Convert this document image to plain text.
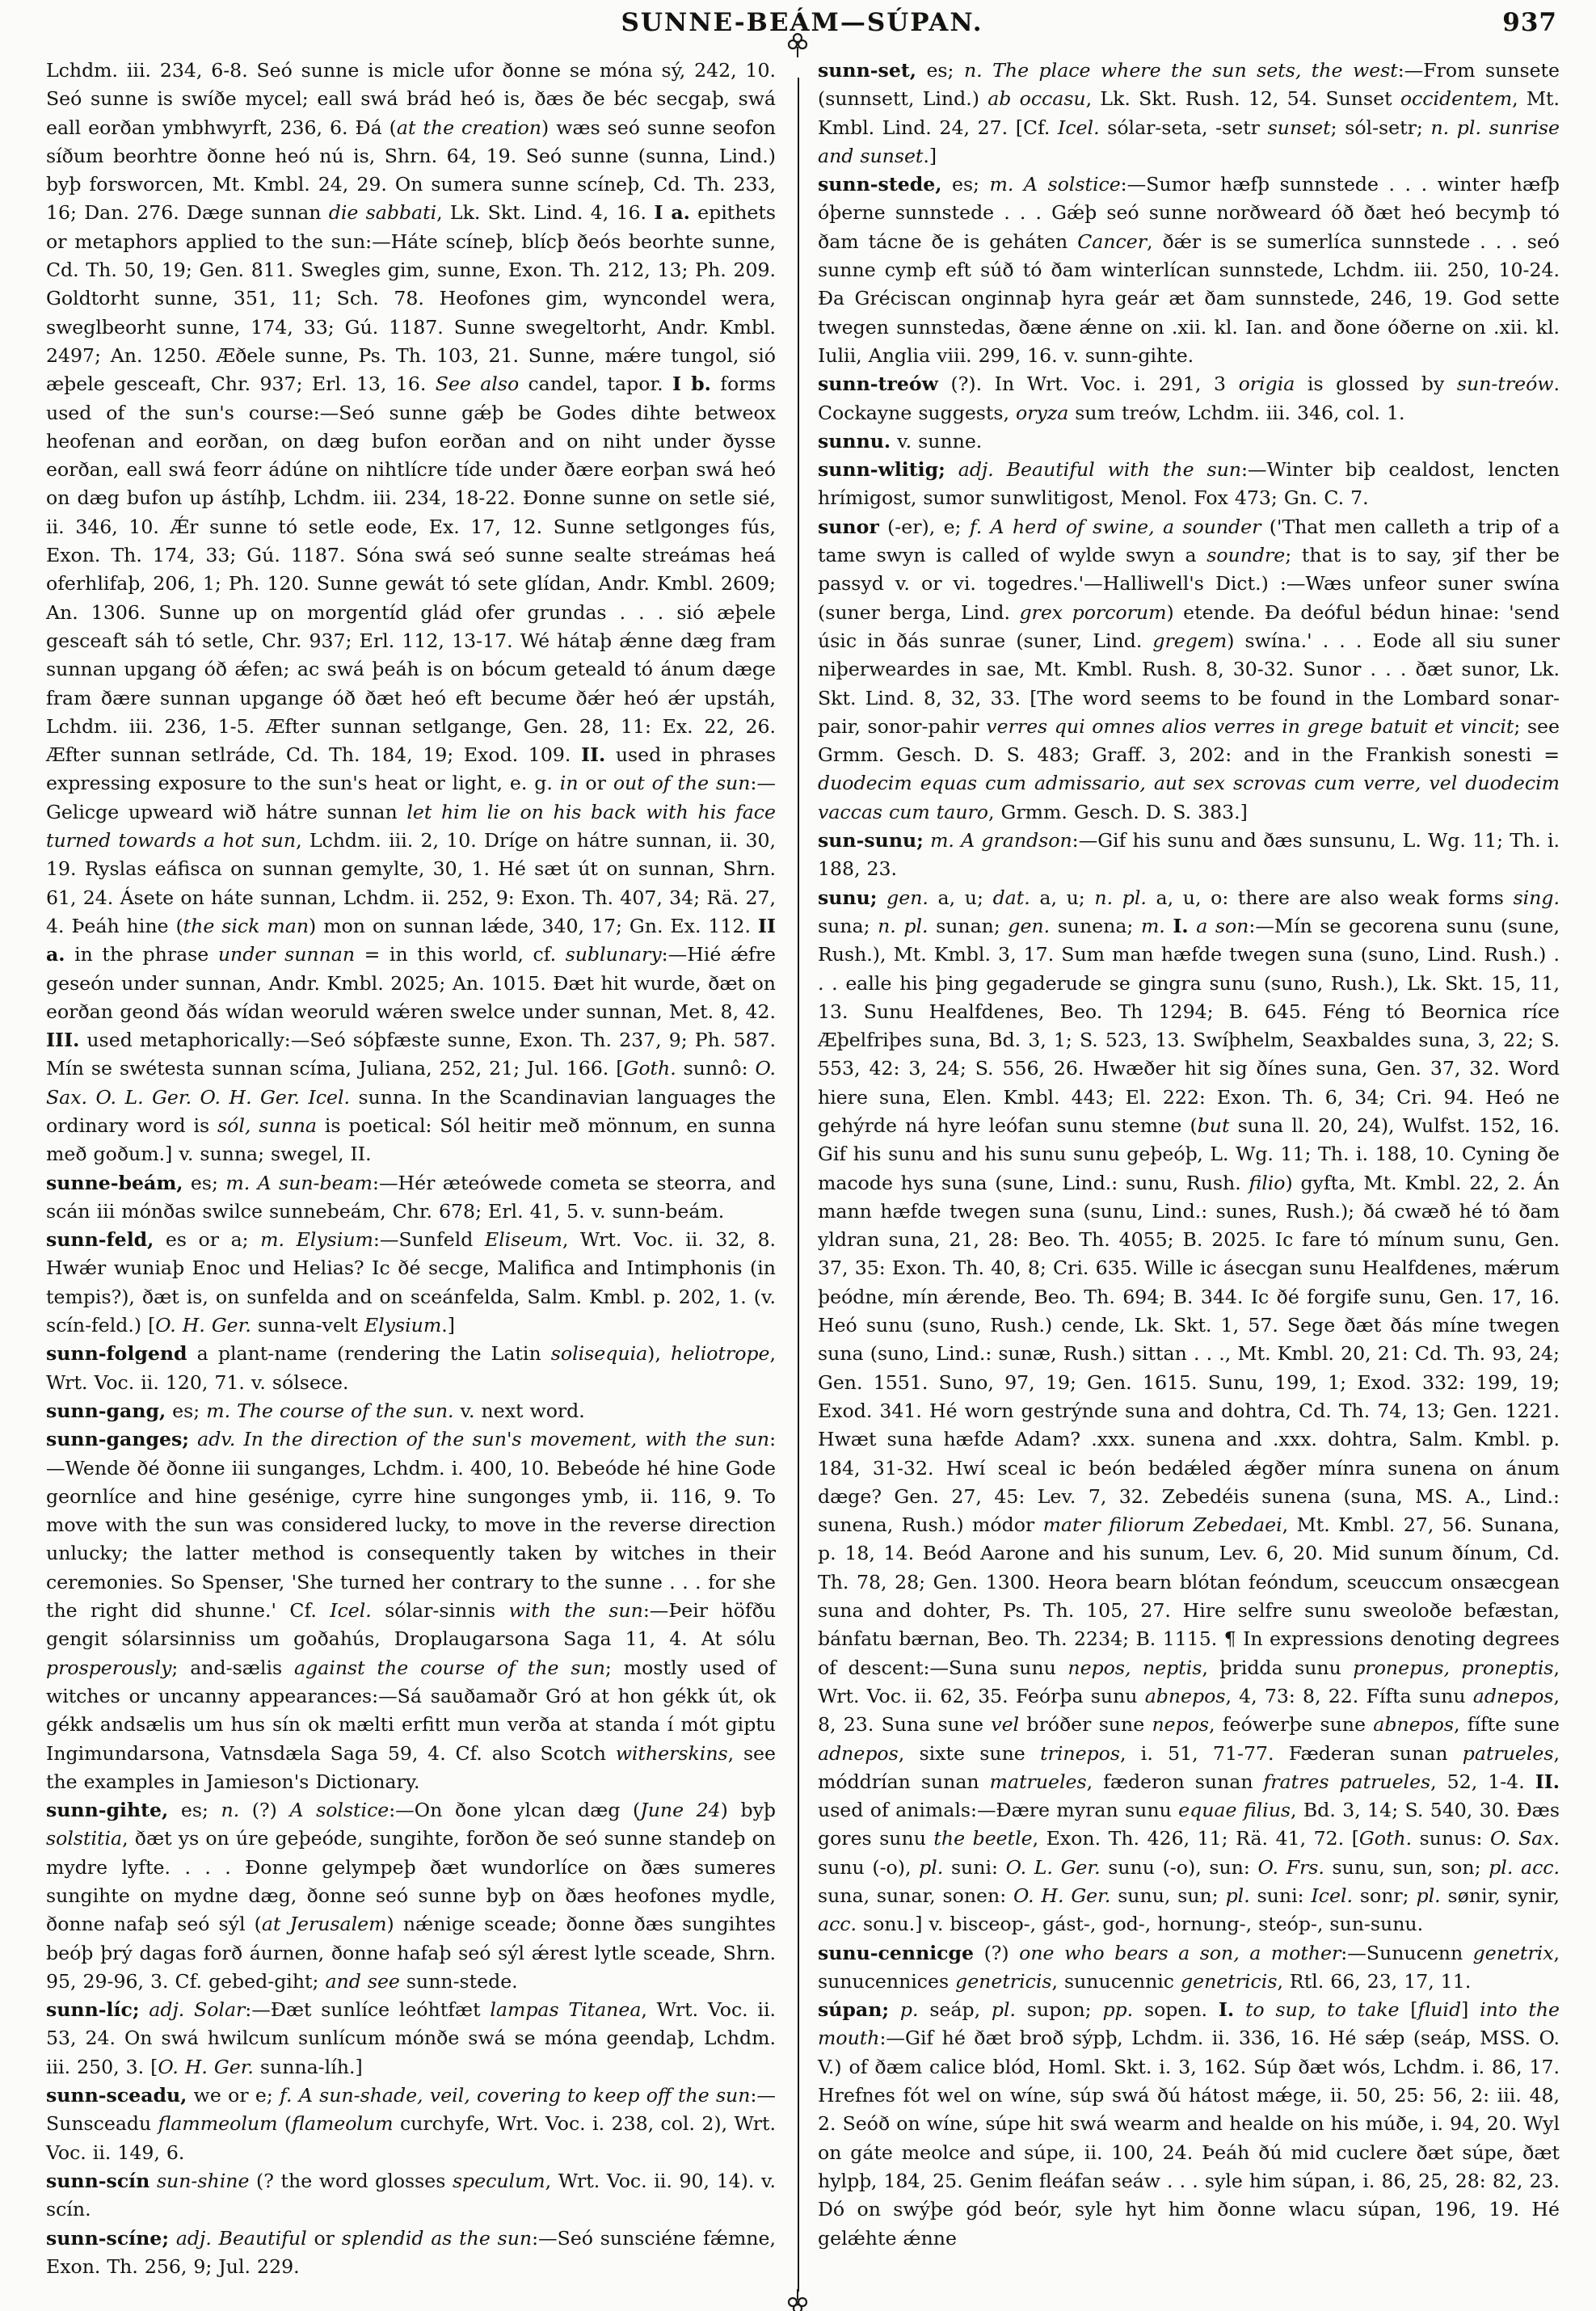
SUNNE-BEÁM—SÚPAN.	937

Lchdm. iii. 234, 6-8. Seó sunne is micle ufor ðonne se móna sý, 242, 10. Seó sunne is swíðe mycel; eall swá brád heó is, ðæs ðe béc secgaþ, swá eall eorðan ymbhwyrft, 236, 6. Ðá (at the creation) wæs seó sunne seofon síðum beorhtre ðonne heó nú is, Shrn. 64, 19. Seó sunne (sunna, Lind.) byþ forsworcen, Mt. Kmbl. 24, 29. On sumera sunne scíneþ, Cd. Th. 233, 16; Dan. 276. Dæge sunnan die sabbati, Lk. Skt. Lind. 4, 16. I a. epithets or metaphors applied to the sun:—Háte scíneþ, blícþ ðeós beorhte sunne, Cd. Th. 50, 19; Gen. 811. Swegles gim, sunne, Exon. Th. 212, 13; Ph. 209. Goldtorht sunne, 351, 11; Sch. 78. Heofones gim, wyncondel wera, sweglbeorht sunne, 174, 33; Gú. 1187. Sunne swegeltorht, Andr. Kmbl. 2497; An. 1250. Æðele sunne, Ps. Th. 103, 21. Sunne, mǽre tungol, sió æþele gesceaft, Chr. 937; Erl. 13, 16. See also candel, tapor. I b. forms used of the sun's course:—Seó sunne gǽþ be Godes dihte betweox heofenan and eorðan, on dæg bufon eorðan and on niht under ðysse eorðan, eall swá feorr ádúne on nihtlícre tíde under ðære eorþan swá heó on dæg bufon up ástíhþ, Lchdm. iii. 234, 18-22. Ðonne sunne on setle sié, ii. 346, 10. Ǽr sunne tó setle eode, Ex. 17, 12. Sunne setlgonges fús, Exon. Th. 174, 33; Gú. 1187. Sóna swá seó sunne sealte streámas heá oferhlifaþ, 206, 1; Ph. 120. Sunne gewát tó sete glídan, Andr. Kmbl. 2609; An. 1306. Sunne up on morgentíd glád ofer grundas . . . sió æþele gesceaft sáh tó setle, Chr. 937; Erl. 112, 13-17. Wé hátaþ ǽnne dæg fram sunnan upgang óð ǽfen; ac swá þeáh is on bócum geteald tó ánum dæge fram ðære sunnan upgange óð ðæt heó eft becume ðǽr heó ǽr upstáh, Lchdm. iii. 236, 1-5. Æfter sunnan setlgange, Gen. 28, 11: Ex. 22, 26. Æfter sunnan setlráde, Cd. Th. 184, 19; Exod. 109. II. used in phrases expressing exposure to the sun's heat or light, e. g. in or out of the sun:—Gelicge upweard wið hátre sunnan let him lie on his back with his face turned towards a hot sun, Lchdm. iii. 2, 10. Dríge on hátre sunnan, ii. 30, 19. Ryslas eáfisca on sunnan gemylte, 30, 1. Hé sæt út on sunnan, Shrn. 61, 24. Ásete on háte sunnan, Lchdm. ii. 252, 9: Exon. Th. 407, 34; Rä. 27, 4. Þeáh hine (the sick man) mon on sunnan lǽde, 340, 17; Gn. Ex. 112. II a. in the phrase under sunnan = in this world, cf. sublunary:—Hié ǽfre geseón under sunnan, Andr. Kmbl. 2025; An. 1015. Ðæt hit wurde, ðæt on eorðan geond ðás wídan weoruld wǽren swelce under sunnan, Met. 8, 42. III. used metaphorically:—Seó sóþfæste sunne, Exon. Th. 237, 9; Ph. 587. Mín se swétesta sunnan scíma, Juliana, 252, 21; Jul. 166. [Goth. sunnô: O. Sax. O. L. Ger. O. H. Ger. Icel. sunna. In the Scandinavian languages the ordinary word is sól, sunna is poetical: Sól heitir með mönnum, en sunna með goðum.] v. sunna; swegel, II.

sunne-beám, es; m. A sun-beam:—Hér æteówede cometa se steorra, and scán iii mónðas swilce sunnebeám, Chr. 678; Erl. 41, 5. v. sunn-beám.

sunn-feld, es or a; m. Elysium:—Sunfeld Eliseum, Wrt. Voc. ii. 32, 8. Hwǽr wuniaþ Enoc und Helias? Ic ðé secge, Malifica and Intimphonis (in tempis?), ðæt is, on sunfelda and on sceánfelda, Salm. Kmbl. p. 202, 1. (v. scín-feld.) [O. H. Ger. sunna-velt Elysium.]

sunn-folgend a plant-name (rendering the Latin solisequia), heliotrope, Wrt. Voc. ii. 120, 71. v. sólsece.

sunn-gang, es; m. The course of the sun. v. next word.

sunn-ganges; adv. In the direction of the sun's movement, with the sun:—Wende ðé ðonne iii sunganges, Lchdm. i. 400, 10. Bebeóde hé hine Gode geornlíce and hine gesénige, cyrre hine sungonges ymb, ii. 116, 9. To move with the sun was considered lucky, to move in the reverse direction unlucky; the latter method is consequently taken by witches in their ceremonies. So Spenser, 'She turned her contrary to the sunne . . . for she the right did shunne.' Cf. Icel. sólar-sinnis with the sun:—Þeir höfðu gengit sólarsinniss um goðahús, Droplaugarsona Saga 11, 4. At sólu prosperously; and-sælis against the course of the sun; mostly used of witches or uncanny appearances:—Sá sauðamaðr Gró at hon gékk út, ok gékk andsælis um hus sín ok mælti erfitt mun verða at standa í mót giptu Ingimundarsona, Vatnsdæla Saga 59, 4. Cf. also Scotch witherskins, see the examples in Jamieson's Dictionary.

sunn-gihte, es; n. (?) A solstice:—On ðone ylcan dæg (June 24) byþ solstitia, ðæt ys on úre geþeóde, sungihte, forðon ðe seó sunne standeþ on mydre lyfte. . . . Ðonne gelympeþ ðæt wundorlíce on ðæs sumeres sungihte on mydne dæg, ðonne seó sunne byþ on ðæs heofones mydle, ðonne nafaþ seó sýl (at Jerusalem) nǽnige sceade; ðonne ðæs sungihtes beóþ þrý dagas forð áurnen, ðonne hafaþ seó sýl ǽrest lytle sceade, Shrn. 95, 29-96, 3. Cf. gebed-giht; and see sunn-stede.

sunn-líc; adj. Solar:—Ðæt sunlíce leóhtfæt lampas Titanea, Wrt. Voc. ii. 53, 24. On swá hwilcum sunlícum mónðe swá se móna geendaþ, Lchdm. iii. 250, 3. [O. H. Ger. sunna-líh.]

sunn-sceadu, we or e; f. A sun-shade, veil, covering to keep off the sun:—Sunsceadu flammeolum (flameolum curchyfe, Wrt. Voc. i. 238, col. 2), Wrt. Voc. ii. 149, 6.

sunn-scín sun-shine (? the word glosses speculum, Wrt. Voc. ii. 90, 14). v. scín.

sunn-scíne; adj. Beautiful or splendid as the sun:—Seó sunsciéne fǽmne, Exon. Th. 256, 9; Jul. 229.

sunn-set, es; n. The place where the sun sets, the west:—From sunsete (sunnsett, Lind.) ab occasu, Lk. Skt. Rush. 12, 54. Sunset occidentem, Mt. Kmbl. Lind. 24, 27. [Cf. Icel. sólar-seta, -setr sunset; sól-setr; n. pl. sunrise and sunset.]

sunn-stede, es; m. A solstice:—Sumor hæfþ sunnstede . . . winter hæfþ óþerne sunnstede . . . Gǽþ seó sunne norðweard óð ðæt heó becymþ tó ðam tácne ðe is geháten Cancer, ðǽr is se sumerlíca sunnstede . . . seó sunne cymþ eft súð tó ðam winterlícan sunnstede, Lchdm. iii. 250, 10-24. Ða Gréciscan onginnaþ hyra geár æt ðam sunnstede, 246, 19. God sette twegen sunnstedas, ðæne ǽnne on .xii. kl. Ian. and ðone óðerne on .xii. kl. Iulii, Anglia viii. 299, 16. v. sunn-gihte.

sunn-treów (?). In Wrt. Voc. i. 291, 3 origia is glossed by sun-treów. Cockayne suggests, oryza sum treów, Lchdm. iii. 346, col. 1.

sunnu. v. sunne.

sunn-wlitig; adj. Beautiful with the sun:—Winter biþ cealdost, lencten hrímigost, sumor sunwlitigost, Menol. Fox 473; Gn. C. 7.

sunor (-er), e; f. A herd of swine, a sounder ('That men calleth a trip of a tame swyn is called of wylde swyn a soundre; that is to say, ȝif ther be passyd v. or vi. togedres.'—Halliwell's Dict.) :—Wæs unfeor suner swína (suner berga, Lind. grex porcorum) etende. Ða deóful bédun hinae: 'send úsic in ðás sunrae (suner, Lind. gregem) swína.' . . . Eode all siu suner niþerweardes in sae, Mt. Kmbl. Rush. 8, 30-32. Sunor . . . ðæt sunor, Lk. Skt. Lind. 8, 32, 33. [The word seems to be found in the Lombard sonar-pair, sonor-pahir verres qui omnes alios verres in grege batuit et vincit; see Grmm. Gesch. D. S. 483; Graff. 3, 202: and in the Frankish sonesti = duodecim equas cum admissario, aut sex scrovas cum verre, vel duodecim vaccas cum tauro, Grmm. Gesch. D. S. 383.]

sun-sunu; m. A grandson:—Gif his sunu and ðæs sunsunu, L. Wg. 11; Th. i. 188, 23.

sunu; gen. a, u; dat. a, u; n. pl. a, u, o: there are also weak forms sing. suna; n. pl. sunan; gen. sunena; m. I. a son:—Mín se gecorena sunu (sune, Rush.), Mt. Kmbl. 3, 17. Sum man hæfde twegen suna (suno, Lind. Rush.) . . . ealle his þing gegaderude se gingra sunu (suno, Rush.), Lk. Skt. 15, 11, 13. Sunu Healfdenes, Beo. Th 1294; B. 645. Féng tó Beornica ríce Æþelfriþes suna, Bd. 3, 1; S. 523, 13. Swíþhelm, Seaxbaldes suna, 3, 22; S. 553, 42: 3, 24; S. 556, 26. Hwæðer hit sig ðínes suna, Gen. 37, 32. Word hiere suna, Elen. Kmbl. 443; El. 222: Exon. Th. 6, 34; Cri. 94. Heó ne gehýrde ná hyre leófan sunu stemne (but suna ll. 20, 24), Wulfst. 152, 16. Gif his sunu and his sunu sunu geþeóþ, L. Wg. 11; Th. i. 188, 10. Cyning ðe macode hys suna (sune, Lind.: sunu, Rush. filio) gyfta, Mt. Kmbl. 22, 2. Án mann hæfde twegen suna (sunu, Lind.: sunes, Rush.); ðá cwæð hé tó ðam yldran suna, 21, 28: Beo. Th. 4055; B. 2025. Ic fare tó mínum sunu, Gen. 37, 35: Exon. Th. 40, 8; Cri. 635. Wille ic ásecgan sunu Healfdenes, mǽrum þeódne, mín ǽrende, Beo. Th. 694; B. 344. Ic ðé forgife sunu, Gen. 17, 16. Heó sunu (suno, Rush.) cende, Lk. Skt. 1, 57. Sege ðæt ðás míne twegen suna (suno, Lind.: sunæ, Rush.) sittan . . ., Mt. Kmbl. 20, 21: Cd. Th. 93, 24; Gen. 1551. Suno, 97, 19; Gen. 1615. Sunu, 199, 1; Exod. 332: 199, 19; Exod. 341. Hé worn gestrýnde suna and dohtra, Cd. Th. 74, 13; Gen. 1221. Hwæt suna hæfde Adam? .xxx. sunena and .xxx. dohtra, Salm. Kmbl. p. 184, 31-32. Hwí sceal ic beón bedǽled ǽgðer mínra sunena on ánum dæge? Gen. 27, 45: Lev. 7, 32. Zebedéis sunena (suna, MS. A., Lind.: sunena, Rush.) módor mater filiorum Zebedaei, Mt. Kmbl. 27, 56. Sunana, p. 18, 14. Beód Aarone and his sunum, Lev. 6, 20. Mid sunum ðínum, Cd. Th. 78, 28; Gen. 1300. Heora bearn blótan feóndum, sceuccum onsæcgean suna and dohter, Ps. Th. 105, 27. Hire selfre sunu sweoloðe befæstan, bánfatu bærnan, Beo. Th. 2234; B. 1115. ¶ In expressions denoting degrees of descent:—Suna sunu nepos, neptis, þridda sunu pronepus, proneptis, Wrt. Voc. ii. 62, 35. Feórþa sunu abnepos, 4, 73: 8, 22. Fífta sunu adnepos, 8, 23. Suna sune vel bróðer sune nepos, feówerþe sune abnepos, fífte sune adnepos, sixte sune trinepos, i. 51, 71-77. Fæderan sunan patrueles, móddrían sunan matrueles, fæderon sunan fratres patrueles, 52, 1-4. II. used of animals:—Ðære myran sunu equae filius, Bd. 3, 14; S. 540, 30. Ðæs gores sunu the beetle, Exon. Th. 426, 11; Rä. 41, 72. [Goth. sunus: O. Sax. sunu (-o), pl. suni: O. L. Ger. sunu (-o), sun: O. Frs. sunu, sun, son; pl. acc. suna, sunar, sonen: O. H. Ger. sunu, sun; pl. suni: Icel. sonr; pl. sønir, synir, acc. sonu.] v. bisceop-, gást-, god-, hornung-, steóp-, sun-sunu.

sunu-cennicge (?) one who bears a son, a mother:—Sunucenn genetrix, sunucennices genetricis, sunucennic genetricis, Rtl. 66, 23, 17, 11.

súpan; p. seáp, pl. supon; pp. sopen. I. to sup, to take [fluid] into the mouth:—Gif hé ðæt broð sýpþ, Lchdm. ii. 336, 16. Hé sǽp (seáp, MSS. O. V.) of ðæm calice blód, Homl. Skt. i. 3, 162. Súp ðæt wós, Lchdm. i. 86, 17. Hrefnes fót wel on wíne, súp swá ðú hátost mǽge, ii. 50, 25: 56, 2: iii. 48, 2. Seóð on wíne, súpe hit swá wearm and healde on his múðe, i. 94, 20. Wyl on gáte meolce and súpe, ii. 100, 24. Þeáh ðú mid cuclere ðæt súpe, ðæt hylpþ, 184, 25. Genim fleáfan seáw . . . syle him súpan, i. 86, 25, 28: 82, 23. Dó on swýþe gód beór, syle hyt him ðonne wlacu súpan, 196, 19. Hé gelǽhte ǽnne
